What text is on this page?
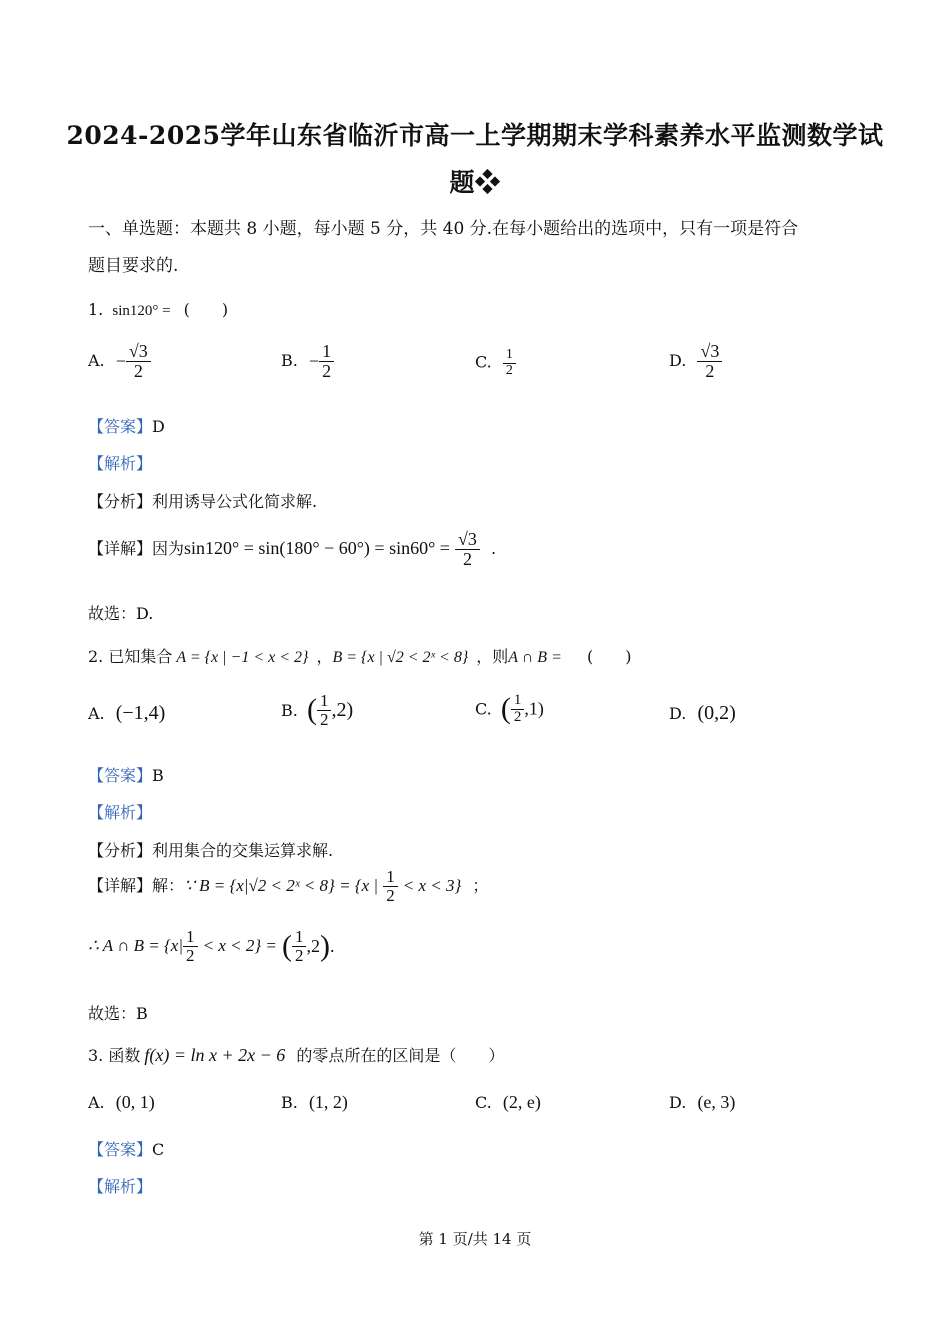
2024-2025学年山东省临沂市高一上学期期末学科素养水平监测数学试
题❖
一、单选题：本题共 8 小题，每小题 5 分，共 40 分.在每小题给出的选项中，只有一项是符合
题目要求的.
1. sin120° = (　　)
A. − $\frac{√3}{2}$	B. − $\frac{1}{2}$	C. $\frac{1}{2}$	D. $\frac{√3}{2}$
【答案】D
【解析】
【分析】利用诱导公式化简求解.
【详解】因为$\sin 120^\circ = \sin(180^\circ - 60^\circ) = \sin 60^\circ = \frac{√3}{2}$ .
故选：D.
2. 已知集合 A = {x | −1 < x < 2} ，B = {x | √2 < 2ˣ < 8} ，则A ∩ B = (　　)
A. (−1,4)	B. ( $\frac{1}{2} ,2$)	C. ( $\frac{1}{2} ,1$)	D. (0,2)
【答案】B
【解析】
【分析】利用集合的交集运算求解.
【详解】解：∵ B = {x|√2 < 2ˣ < 8} = {x | $\frac{1}{2} < x < 3$} ；
∴ A ∩ $B = \{x| \frac{1}{2} < x < 2\}$ = ( $\frac{1}{2} ,2$).
故选：B
3. 函数 f(x) = ln x + 2x − 6 的零点所在的区间是（　　）
A. (0, 1)	B. (1, 2)	C. (2, e)	D. (e, 3)
【答案】C
【解析】
第 1 页/共 14 页
